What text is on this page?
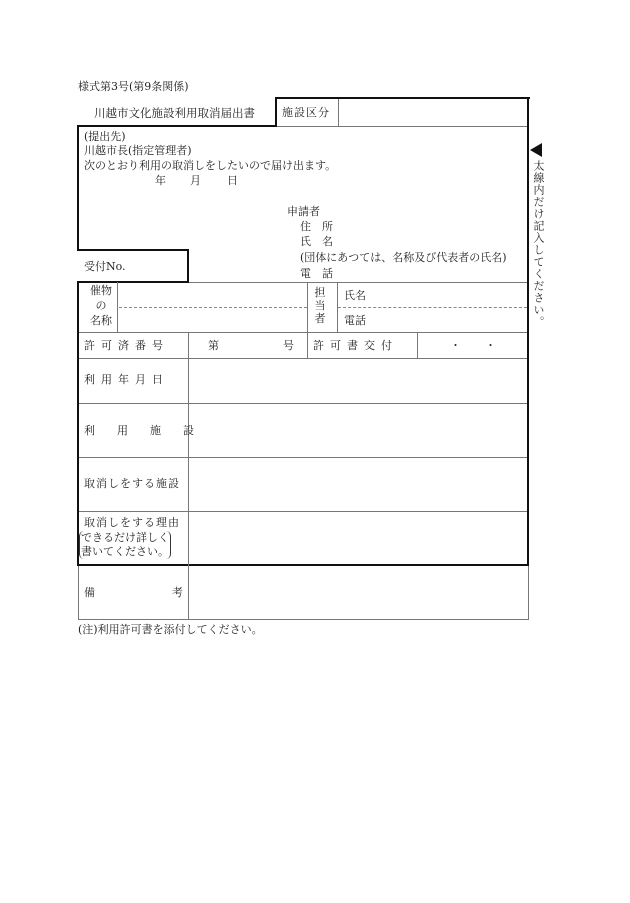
様式第3号(第9条関係)
川越市文化施設利用取消届出書 施設区分
(提出先)
川越市長(指定管理者)
次のとおり利用の取消しをしたいので届け出ます。
年 月 日
申請者
住　所
氏　名
(団体にあつては、名称及び代表者の氏名)
電　話
受付No.	太線内だけ記入してください。
催物
の
名称
担当者
氏名
電話
許可済番号	第	号 許可書交付	・ ・
利用年月日
利用施設
取消しをする施設
取消しをする理由
できるだけ詳しく
書いてください。
備	考
(注)利用許可書を添付してください。
